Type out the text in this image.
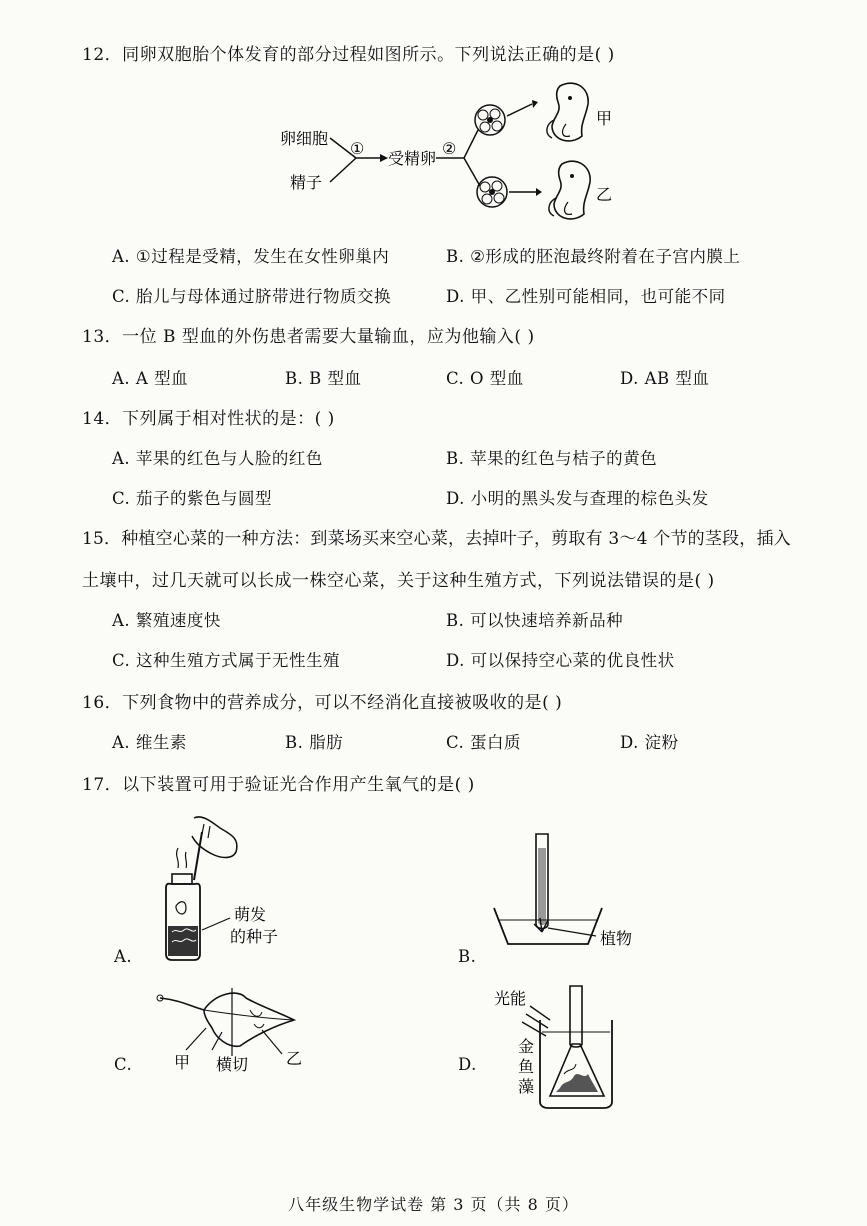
12．同卵双胞胎个体发育的部分过程如图所示。下列说法正确的是( )
卵细胞
精子
①
受精卵
②
甲
乙
A. ①过程是受精，发生在女性卵巢内	B. ②形成的胚泡最终附着在子宫内膜上
C. 胎儿与母体通过脐带进行物质交换	D. 甲、乙性别可能相同，也可能不同
13．一位 B 型血的外伤患者需要大量输血，应为他输入( )
A. A 型血	B. B 型血	C. O 型血	D. AB 型血
14．下列属于相对性状的是：( )
A. 苹果的红色与人脸的红色	B. 苹果的红色与桔子的黄色
C. 茄子的紫色与圆型	D. 小明的黑头发与查理的棕色头发
15．种植空心菜的一种方法：到菜场买来空心菜，去掉叶子，剪取有 3～4 个节的茎段，插入
土壤中，过几天就可以长成一株空心菜，关于这种生殖方式，下列说法错误的是( )
A. 繁殖速度快	B. 可以快速培养新品种
C. 这种生殖方式属于无性生殖	D. 可以保持空心菜的优良性状
16．下列食物中的营养成分，可以不经消化直接被吸收的是( )
A. 维生素	B. 脂肪	C. 蛋白质	D. 淀粉
17．以下装置可用于验证光合作用产生氧气的是( )
A.
萌发
的种子
B.
植物
C.	甲 横切 乙	D.
光能
金
鱼
藻
八年级生物学试卷 第 3 页（共 8 页）
